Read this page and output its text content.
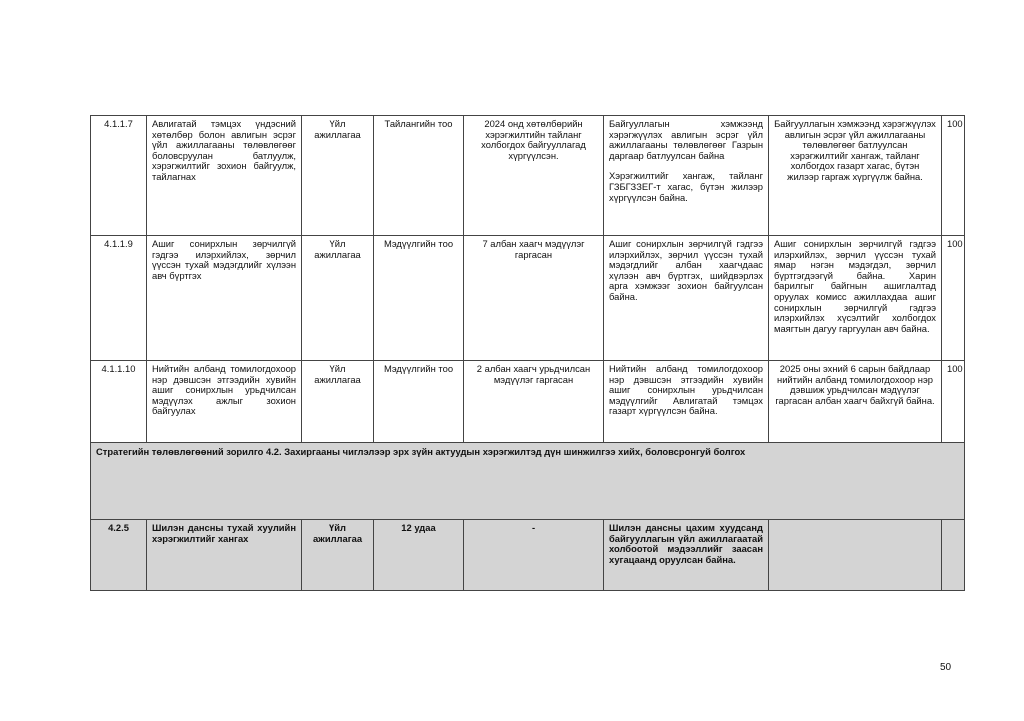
4.1.1.7	Авлигатай тэмцэх үндэсний хөтөлбөр болон авлигын эсрэг үйл ажиллагааны төлөвлөгөөг боловсруулан батлуулж, хэрэгжилтийг зохион байгуулж, тайлагнах	Үйл ажиллагаа	Тайлангийн тоо	2024 онд хөтөлбөрийн хэрэгжилтийн тайланг холбогдох байгууллагад хүргүүлсэн.	Байгууллагын хэмжээнд хэрэгжүүлэх авлигын эсрэг үйл ажиллагааны төлөвлөгөөг Газрын даргаар батлуулсан байна
Хэрэгжилтийг хангаж, тайланг ГЗБГЗЗЕГ-т хагас, бүтэн жилээр хүргүүлсэн байна.	Байгууллагын хэмжээнд хэрэгжүүлэх авлигын эсрэг үйл ажиллагааны төлөвлөгөөг батлуулсан хэрэгжилтийг хангаж, тайланг холбогдох газарт хагас, бүтэн жилээр гаргаж хүргүүлж байна.	100
4.1.1.9	Ашиг сонирхлын зөрчилгүй гэдгээ илэрхийлэх, зөрчил үүссэн тухай мэдэгдлийг хүлээн авч бүртгэх	Үйл ажиллагаа	Мэдүүлгийн тоо	7 албан хаагч мэдүүлэг гаргасан	Ашиг сонирхлын зөрчилгүй гэдгээ илэрхийлэх, зөрчил үүссэн тухай мэдэгдлийг албан хаагчдаас хүлээн авч бүртгэх, шийдвэрлэх арга хэмжээг зохион байгуулсан байна.	Ашиг сонирхлын зөрчилгүй гэдгээ илэрхийлэх, зөрчил үүссэн тухай ямар нэгэн мэдэгдэл, зөрчил бүртгэгдээгүй байна. Харин барилгыг байгнын ашиглалтад оруулах комисс ажиллахдаа ашиг сонирхлын зөрчилгүй гэдгээ илэрхийлэх хүсэлтийг холбогдох маягтын дагуу гаргуулан авч байна.	100
4.1.1.10	Нийтийн албанд томилогдохоор нэр дэвшсэн этгээдийн хувийн ашиг сонирхлын урьдчилсан мэдүүлэх ажлыг зохион байгуулах	Үйл ажиллагаа	Мэдүүлгийн тоо	2 албан хаагч урьдчилсан мэдүүлэг гаргасан	Нийтийн албанд томилогдохоор нэр дэвшсэн этгээдийн хувийн ашиг сонирхлын урьдчилсан мэдүүлгийг Авлигатай тэмцэх газарт хүргүүлсэн байна.	2025 оны эхний 6 сарын байдлаар нийтийн албанд томилогдохоор нэр дэвшиж урьдчилсан мэдүүлэг гаргасан албан хаагч байхгүй байна.	100
Стратегийн төлөвлөгөөний зорилго 4.2. Захиргааны чиглэлээр эрх зүйн актуудын хэрэгжилтэд дүн шинжилгээ хийх, боловсронгуй болгох							
4.2.5	Шилэн дансны тухай хуулийн хэрэгжилтийг хангах	Үйл ажиллагаа	12 удаа	-	Шилэн дансны цахим хуудсанд байгууллагын үйл ажиллагаатай холбоотой мэдээллийг заасан хугацаанд оруулсан байна.		
50
